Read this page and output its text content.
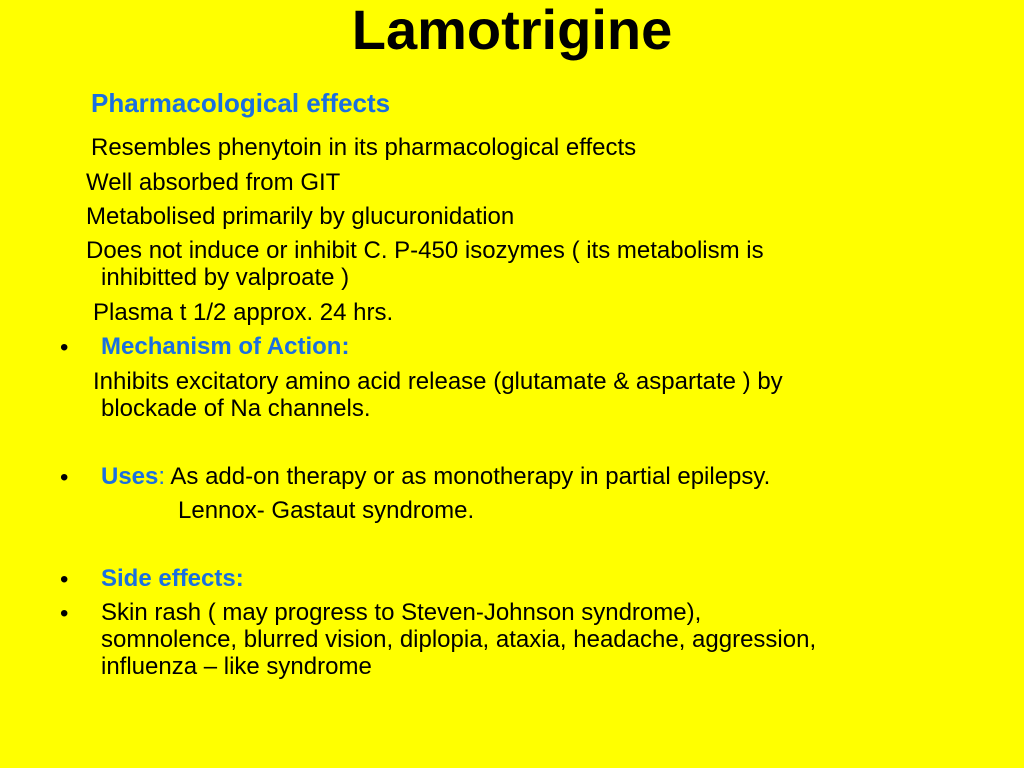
Lamotrigine
Pharmacological effects
Resembles phenytoin in its pharmacological effects
Well absorbed from GIT
Metabolised primarily by glucuronidation
Does not induce or inhibit C. P-450 isozymes ( its metabolism is
inhibitted by valproate )
Plasma t 1/2 approx. 24 hrs.
• Mechanism of Action:
Inhibits excitatory amino acid release (glutamate & aspartate ) by
blockade of Na channels.
• Uses: As add-on therapy or as monotherapy in partial epilepsy.
Lennox- Gastaut syndrome.
• Side effects:
• Skin rash ( may progress to Steven-Johnson syndrome),
somnolence, blurred vision, diplopia, ataxia, headache, aggression,
influenza – like syndrome
